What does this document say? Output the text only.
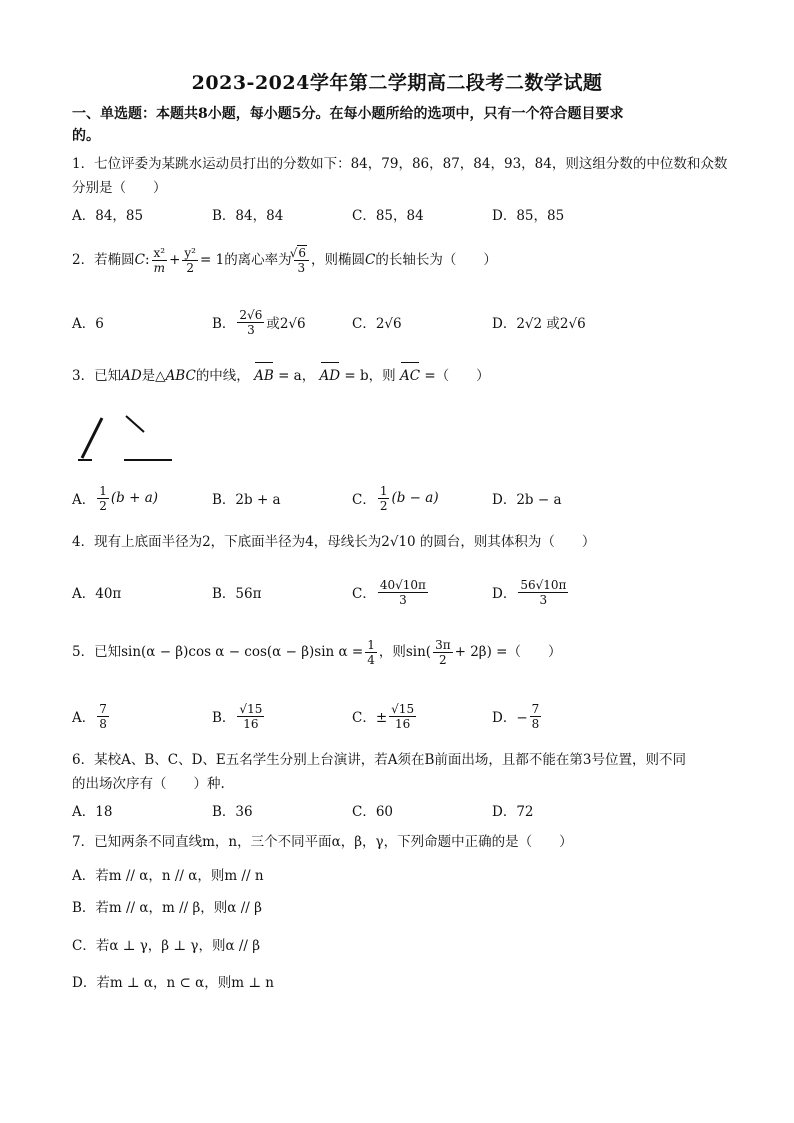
2023-2024学年第二学期高二段考二数学试题
一、单选题：本题共8小题，每小题5分。在每小题所给的选项中，只有一个符合题目要求
的。
1．七位评委为某跳水运动员打出的分数如下：84，79，86，87，84，93，84，则这组分数的中位数和众数
分别是（　　）
A．84，85	B．84，84	C．85，84	D．85，85
2．若椭圆 C : $\frac{\text{x²}}{m} + \frac{\text{y²}}{2} = 1$ 的离心率为
√ $\frac{6}{3}$ ，则椭圆 C 的长轴长为（　　）
A．6	B． $\frac{2√6}{3}$ 或2√6	C．2√6	D．2√2 或2√6
3．已知AD是△ABC的中线， AB = a， AD = b，则 AC =（　　）
A． $\frac{1}{2} (b + a)$	B．2b + a	C． $\frac{1}{2} (b - a)$	D．2b − a
4．现有上底面半径为2，下底面半径为4，母线长为2√10 的圆台，则其体积为（　　）
A．40π	B．56π	C． $\frac{40√10\pi}{3}$	D． $\frac{56√10\pi}{3}$
5．已知sin(α − β)cos α − cos(α − β)sin $\alpha = \frac{1}{4}$ ，则$\sin( \frac{3\pi}{2} + 2\beta)$ =（　　）
A． $\frac{7}{8}$	B． $\frac{√15}{16}$	C．± $\frac{√15}{16}$	D．− $\frac{7}{8}$
6．某校A、B、C、D、E五名学生分别上台演讲，若A须在B前面出场，且都不能在第3号位置，则不同
的出场次序有（　　）种.
A．18	B．36	C．60	D．72
7．已知两条不同直线m，n，三个不同平面α，β，γ，下列命题中正确的是（　　）
A．若m // α，n // α，则m // n
B．若m // α，m // β，则α // β
C．若α ⊥ γ，β ⊥ γ，则α // β
D．若m ⊥ α，n ⊂ α，则m ⊥ n
